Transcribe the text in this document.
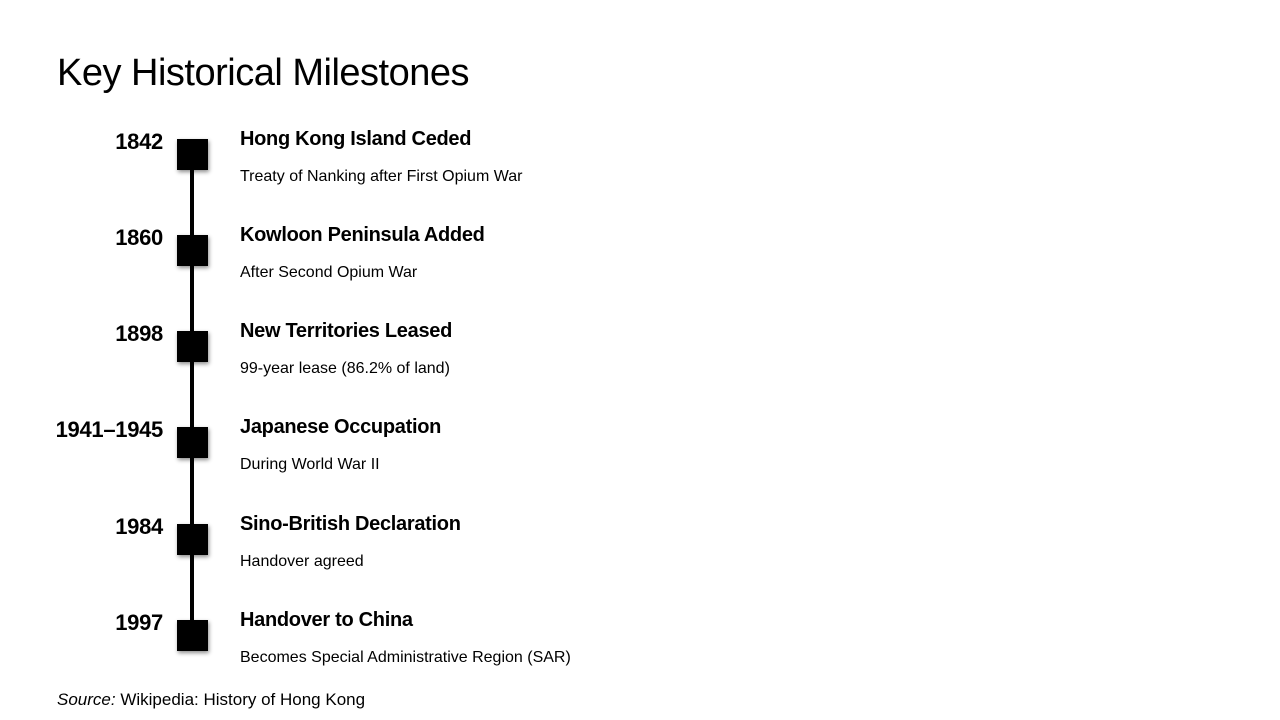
Key Historical Milestones
1842	Hong Kong Island Ceded
Treaty of Nanking after First Opium War
1860	Kowloon Peninsula Added
After Second Opium War
1898	New Territories Leased
99-year lease (86.2% of land)
1941–1945	Japanese Occupation
During World War II
1984	Sino-British Declaration
Handover agreed
1997	Handover to China
Becomes Special Administrative Region (SAR)
Source: Wikipedia: History of Hong Kong
